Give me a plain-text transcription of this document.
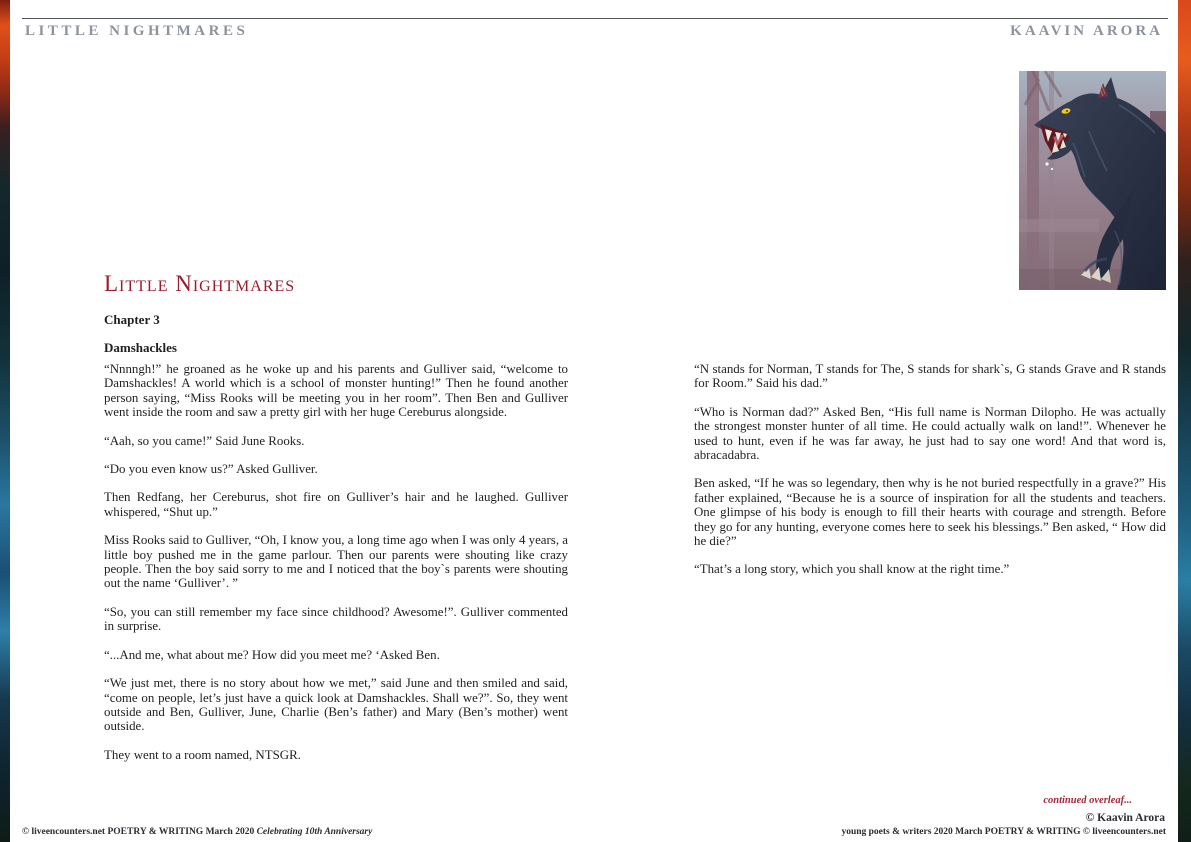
LITTLE NIGHTMARES	KAAVIN ARORA
Little Nightmares
Chapter 3
Damshackles

“Nnnngh!” he groaned as he woke up and his parents and Gulliver said, “welcome to Damshackles! A world which is a school of monster hunting!” Then he found another person saying, “Miss Rooks will be meeting you in her room”. Then Ben and Gulliver went inside the room and saw a pretty girl with her huge Cereburus alongside.

“Aah, so you came!” Said June Rooks.

“Do you even know us?” Asked Gulliver.

Then Redfang, her Cereburus, shot fire on Gulliver’s hair and he laughed. Gulliver whispered, “Shut up.”

Miss Rooks said to Gulliver, “Oh, I know you, a long time ago when I was only 4 years, a little boy pushed me in the game parlour. Then our parents were shouting like crazy people. Then the boy said sorry to me and I noticed that the boy`s parents were shouting out the name ‘Gulliver’. ”

“So, you can still remember my face since childhood? Awesome!”. Gulliver commented in surprise.

“...And me, what about me? How did you meet me? ‘Asked Ben.

“We just met, there is no story about how we met,” said June and then smiled and said, “come on people, let’s just have a quick look at Damshackles. Shall we?”. So, they went outside and Ben, Gulliver, June, Charlie (Ben’s father) and Mary (Ben’s mother) went outside.

They went to a room named, NTSGR.

“N stands for Norman, T stands for The, S stands for shark`s, G stands Grave and R stands for Room.” Said his dad.”

“Who is Norman dad?” Asked Ben, “His full name is Norman Dilopho. He was actually the strongest monster hunter of all time. He could actually walk on land!”. Whenever he used to hunt, even if he was far away, he just had to say one word! And that word is, abracadabra.

Ben asked, “If he was so legendary, then why is he not buried respectfully in a grave?” His father explained, “Because he is a source of inspiration for all the students and teachers. One glimpse of his body is enough to fill their hearts with courage and strength. Before they go for any hunting, everyone comes here to seek his blessings.” Ben asked, “ How did he die?”

“That’s a long story, which you shall know at the right time.”

continued overleaf...
© Kaavin Arora
© liveencounters.net POETRY & WRITING March 2020 Celebrating 10th Anniversary	young poets & writers 2020 March POETRY & WRITING © liveencounters.net
